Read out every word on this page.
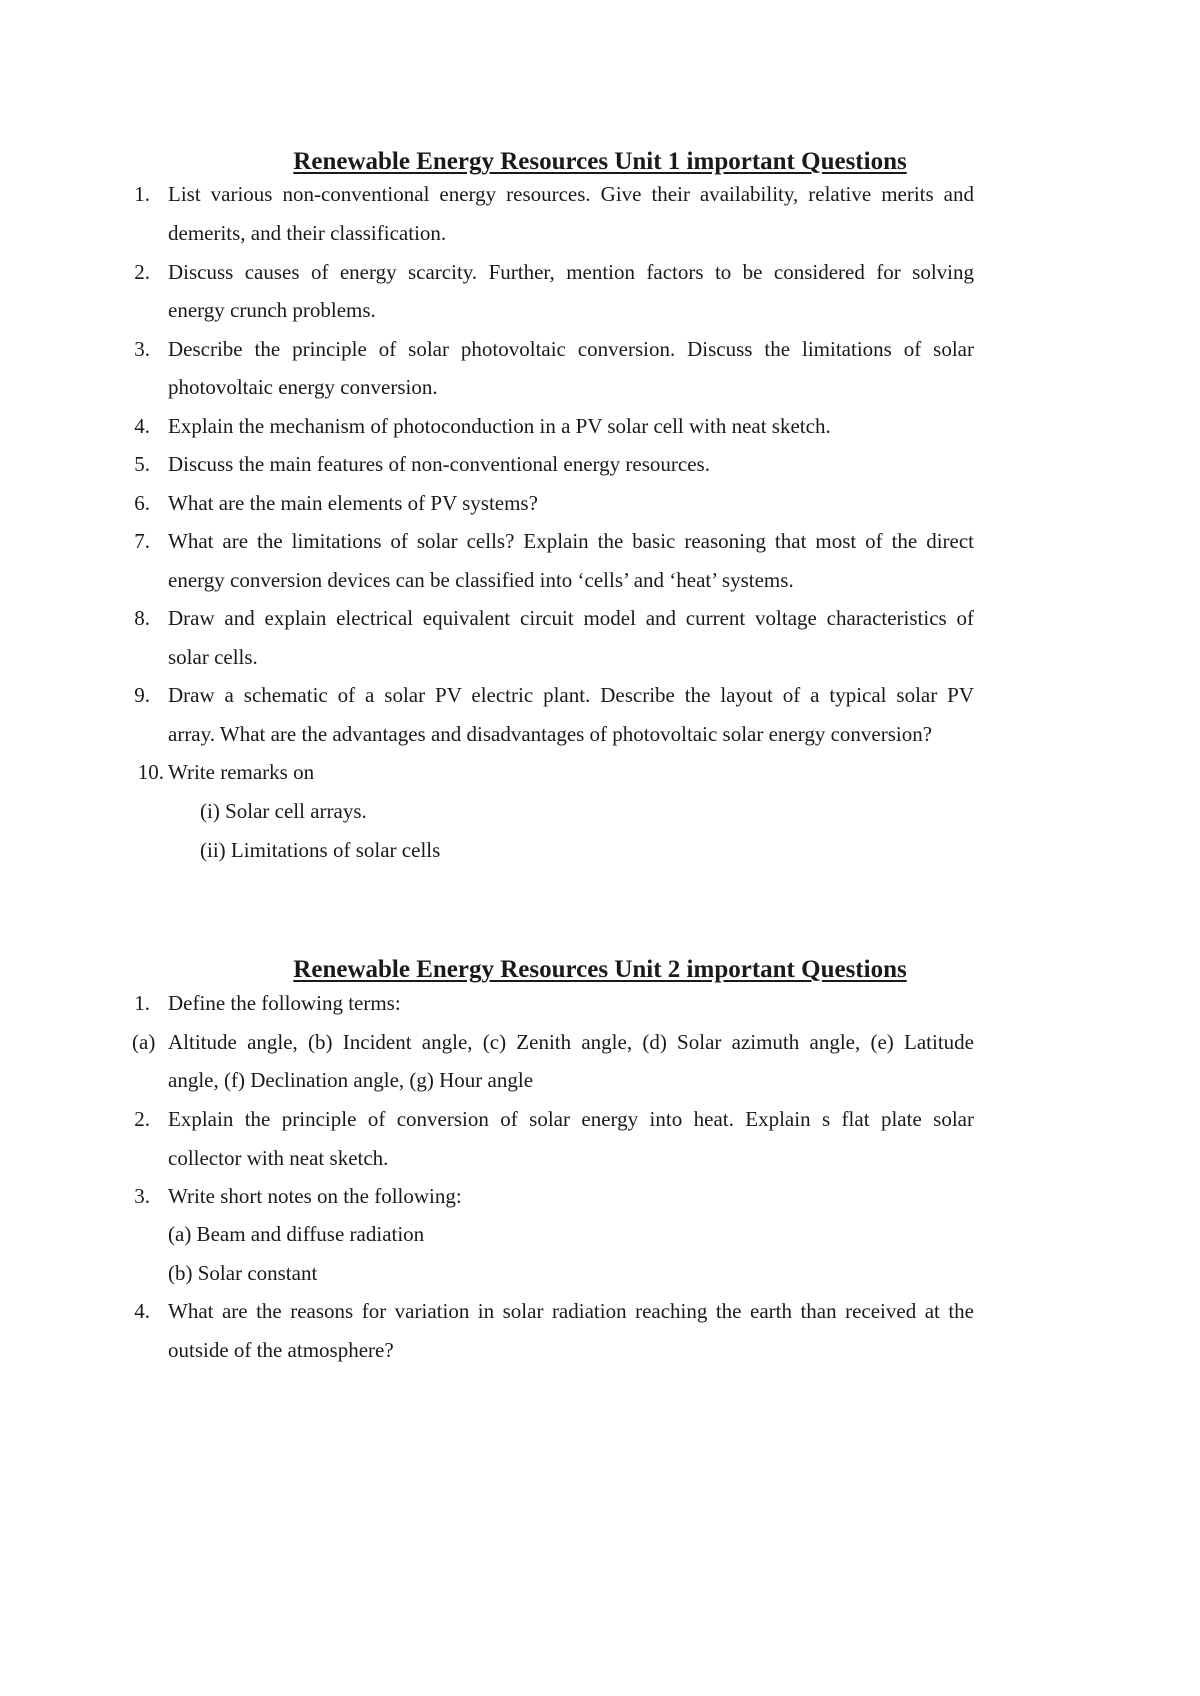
Renewable Energy Resources Unit 1 important Questions
1. List various non-conventional energy resources. Give their availability, relative merits and
demerits, and their classification.
2. Discuss causes of energy scarcity. Further, mention factors to be considered for solving
energy crunch problems.
3. Describe the principle of solar photovoltaic conversion. Discuss the limitations of solar
photovoltaic energy conversion.
4. Explain the mechanism of photoconduction in a PV solar cell with neat sketch.
5. Discuss the main features of non-conventional energy resources.
6. What are the main elements of PV systems?
7. What are the limitations of solar cells? Explain the basic reasoning that most of the direct
energy conversion devices can be classified into ‘cells’ and ‘heat’ systems.
8. Draw and explain electrical equivalent circuit model and current voltage characteristics of
solar cells.
9. Draw a schematic of a solar PV electric plant. Describe the layout of a typical solar PV
array. What are the advantages and disadvantages of photovoltaic solar energy conversion?
10. Write remarks on
(i) Solar cell arrays.
(ii) Limitations of solar cells
Renewable Energy Resources Unit 2 important Questions
1. Define the following terms:
(a) Altitude angle, (b) Incident angle, (c) Zenith angle, (d) Solar azimuth angle, (e) Latitude
angle, (f) Declination angle, (g) Hour angle
2. Explain the principle of conversion of solar energy into heat. Explain s flat plate solar
collector with neat sketch.
3. Write short notes on the following:
(a) Beam and diffuse radiation
(b) Solar constant
4. What are the reasons for variation in solar radiation reaching the earth than received at the
outside of the atmosphere?
